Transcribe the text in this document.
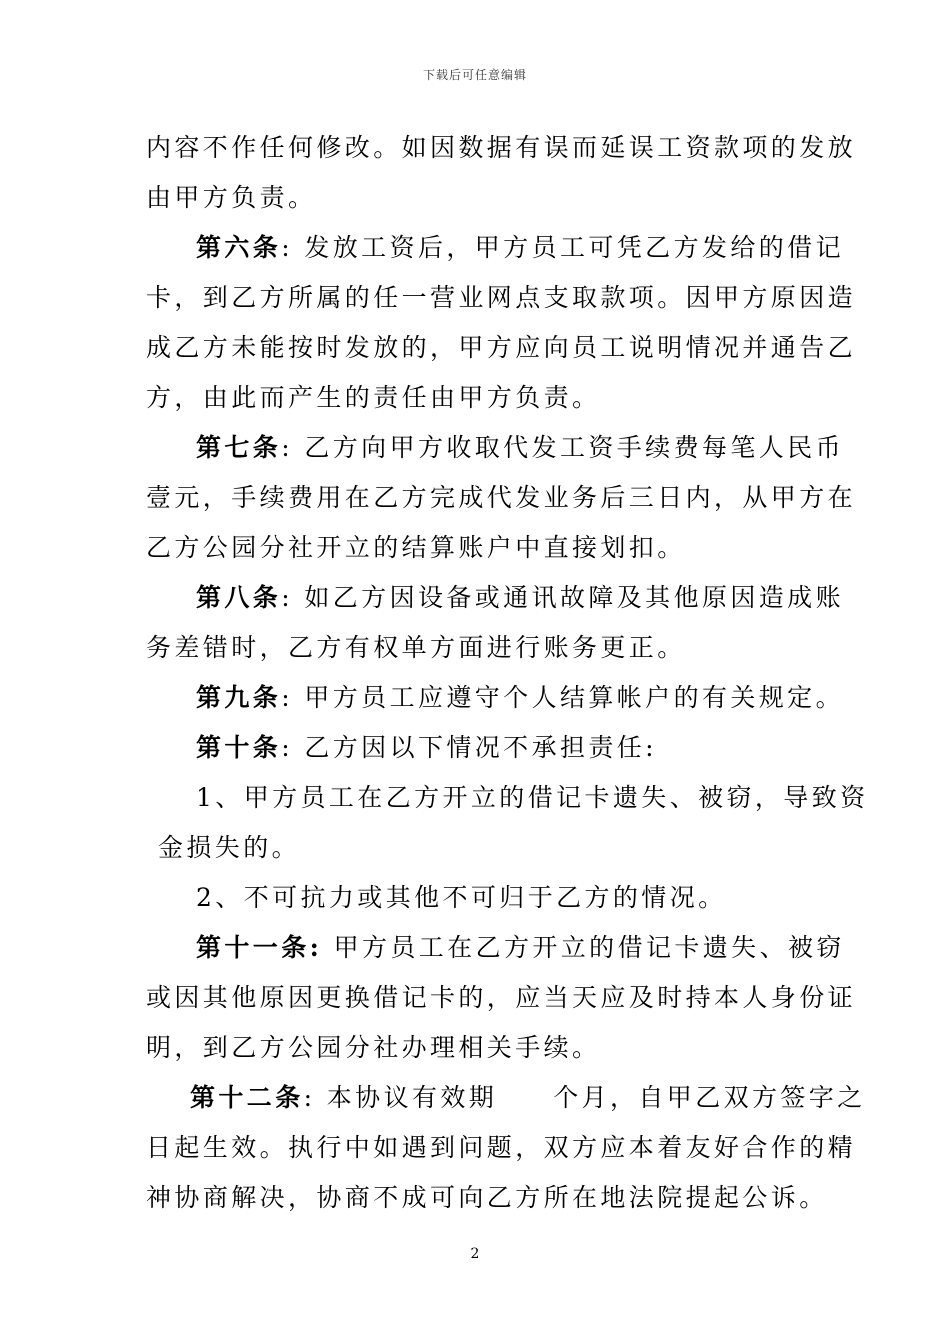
下载后可任意编辑
内容不作任何修改。如因数据有误而延误工资款项的发放
由甲方负责。
第六条: 发放工资后，甲方员工可凭乙方发给的借记
卡，到乙方所属的任一营业网点支取款项。因甲方原因造
成乙方未能按时发放的，甲方应向员工说明情况并通告乙
方，由此而产生的责任由甲方负责。
第七条: 乙方向甲方收取代发工资手续费每笔人民币
壹元，手续费用在乙方完成代发业务后三日内，从甲方在
乙方公园分社开立的结算账户中直接划扣。
第八条: 如乙方因设备或通讯故障及其他原因造成账
务差错时，乙方有权单方面进行账务更正。
第九条: 甲方员工应遵守个人结算帐户的有关规定。
第十条: 乙方因以下情况不承担责任:
1、甲方员工在乙方开立的借记卡遗失、被窃，导致资
金损失的。
2、不可抗力或其他不可归于乙方的情况。
第十一条: 甲方员工在乙方开立的借记卡遗失、被窃
或因其他原因更换借记卡的，应当天应及时持本人身份证
明，到乙方公园分社办理相关手续。
第十二条: 本协议有效期 个月，自甲乙双方签字之
日起生效。执行中如遇到问题，双方应本着友好合作的精
神协商解决，协商不成可向乙方所在地法院提起公诉。
2
